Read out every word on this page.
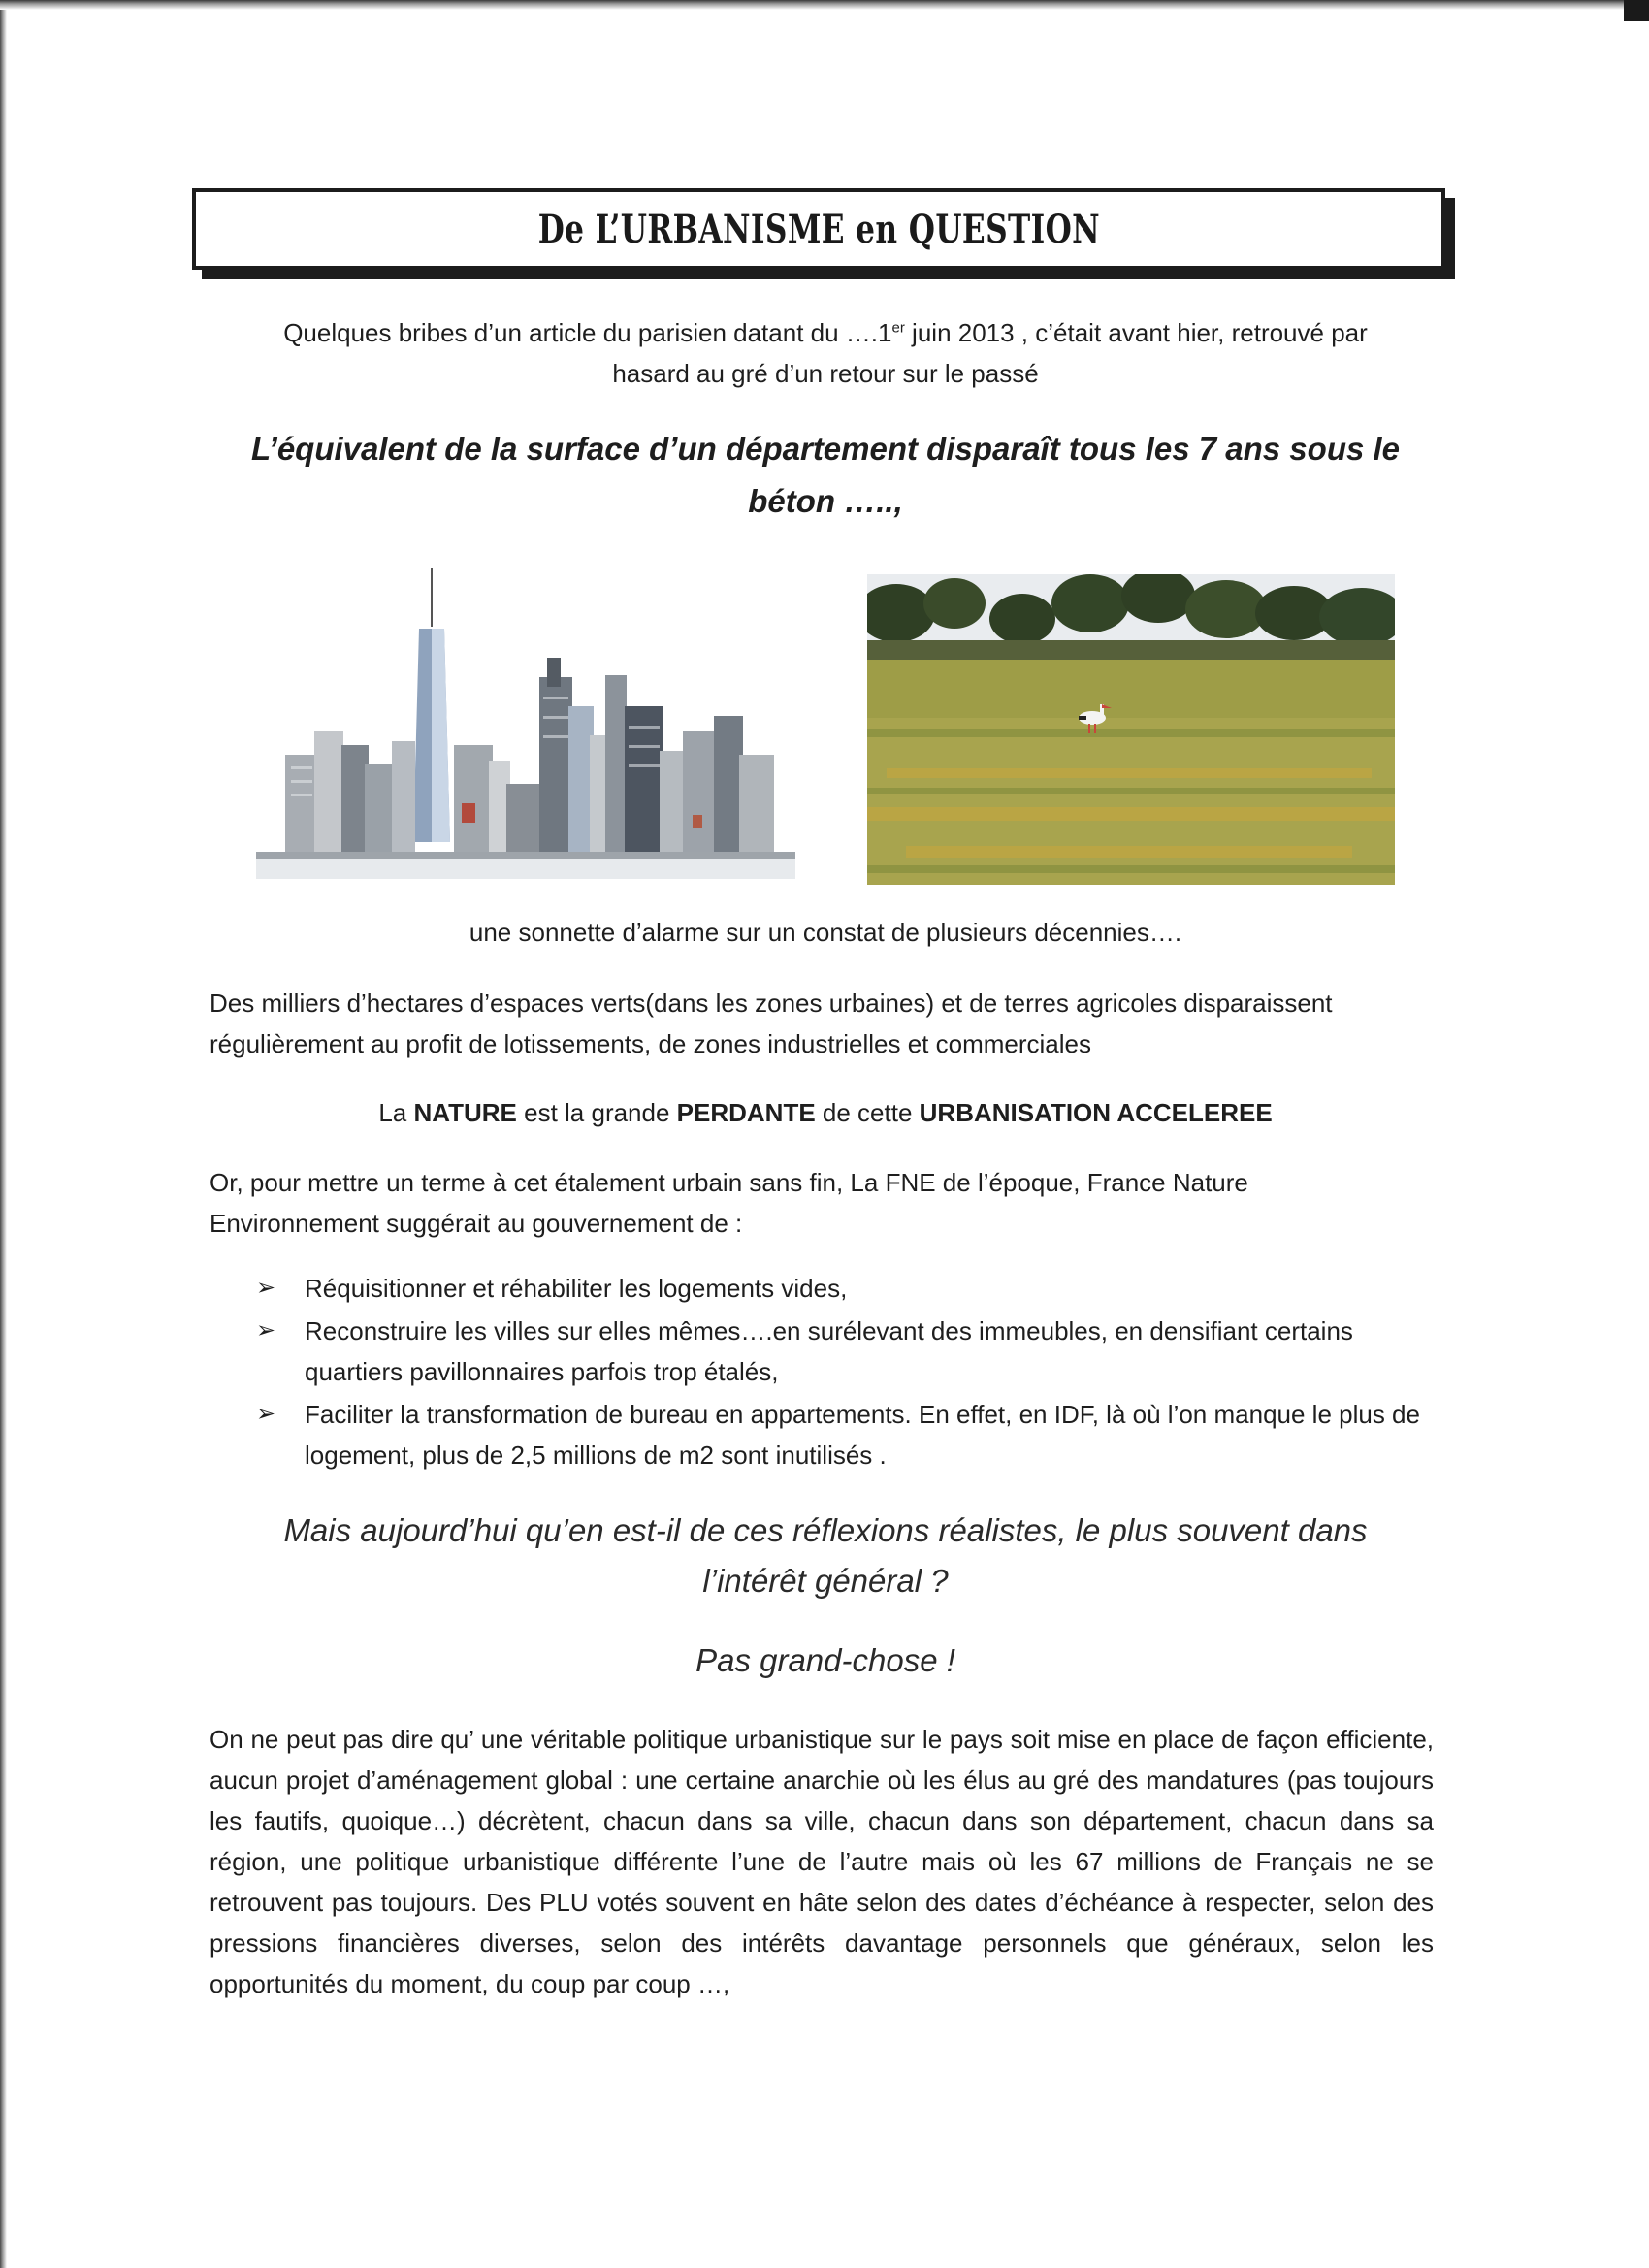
De L’URBANISME en QUESTION
Quelques bribes d’un article du parisien datant du ….1er juin 2013 , c’était avant hier, retrouvé par
hasard au gré d’un retour sur le passé
L’équivalent de la surface d’un département disparaît tous les 7 ans sous le
béton …..,
une sonnette d’alarme sur un constat de plusieurs décennies….
Des milliers d’hectares d’espaces verts(dans les zones urbaines) et de terres agricoles disparaissent régulièrement au profit de lotissements, de zones industrielles et commerciales
La NATURE est la grande PERDANTE de cette URBANISATION ACCELEREE
Or, pour mettre un terme à cet étalement urbain sans fin, La FNE de l’époque, France Nature Environnement suggérait au gouvernement de :
➢ Réquisitionner et réhabiliter les logements vides,
➢ Reconstruire les villes sur elles mêmes….en surélevant des immeubles, en densifiant certains quartiers pavillonnaires parfois trop étalés,
➢ Faciliter la transformation de bureau en appartements. En effet, en IDF, là où l’on manque le plus de logement, plus de 2,5 millions de m2 sont inutilisés .
Mais aujourd’hui qu’en est-il de ces réflexions réalistes, le plus souvent dans
l’intérêt général ?
Pas grand-chose !
On ne peut pas dire qu’ une véritable politique urbanistique sur le pays soit mise en place de façon efficiente, aucun projet d’aménagement global : une certaine anarchie où les élus au gré des mandatures (pas toujours les fautifs, quoique…) décrètent, chacun dans sa ville, chacun dans son département, chacun dans sa région, une politique urbanistique différente l’une de l’autre mais où les 67 millions de Français ne se retrouvent pas toujours. Des PLU votés souvent en hâte selon des dates d’échéance à respecter, selon des pressions financières diverses, selon des intérêts davantage personnels que généraux, selon les opportunités du moment, du coup par coup …,
